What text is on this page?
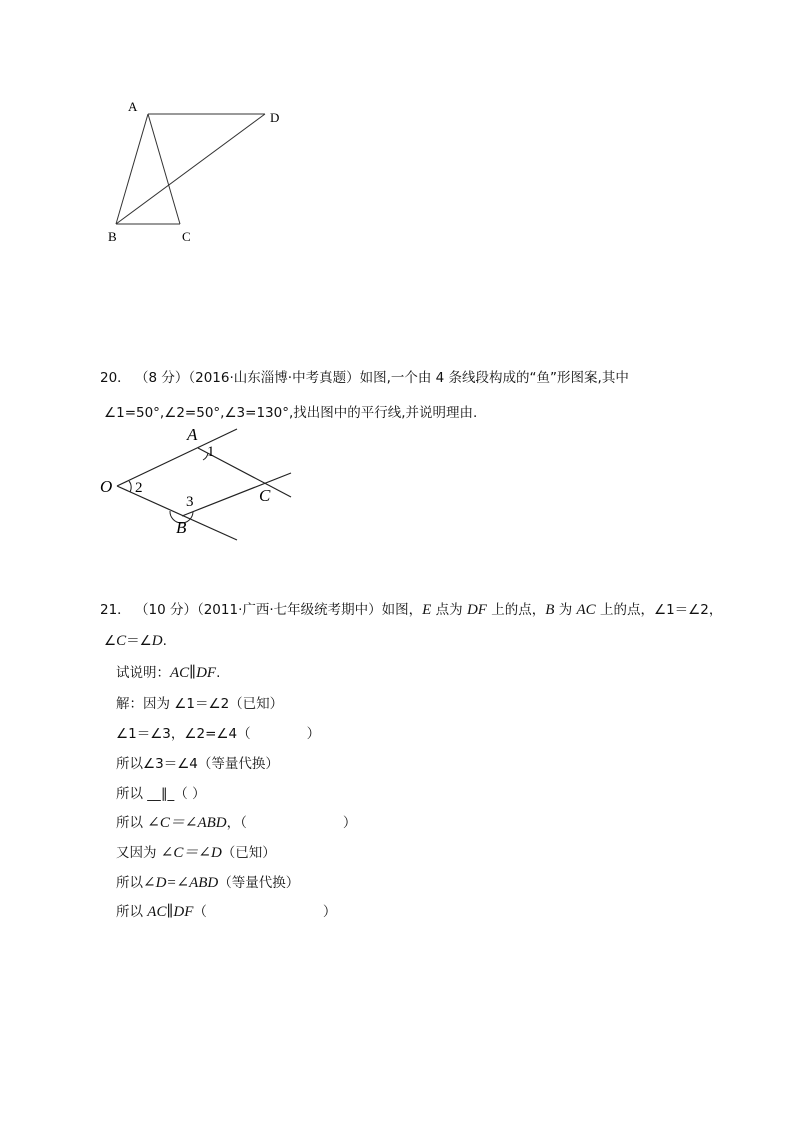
A
D
B	C
20． （8 分）（2016·山东淄博·中考真题）如图,一个由 4 条线段构成的“鱼”形图案,其中
∠1=50°,∠2=50°,∠3=130°,找出图中的平行线,并说明理由.
A
1
O 2
3	C
B
21． （10 分）（2011·广西·七年级统考期中）如图，E 点为 DF 上的点，B 为 AC 上的点，∠1＝∠2，
∠C＝∠D.
试说明：AC∥DF.
解：因为 ∠1＝∠2（已知）
∠1＝∠3，∠2=∠4（	）
所以∠3＝∠4（等量代换）
所以 __∥_（ ）
所以 ∠C＝∠ABD，（	）
又因为 ∠C＝∠D（已知）
所以∠D=∠ABD（等量代换）
所以 AC∥DF（	）
